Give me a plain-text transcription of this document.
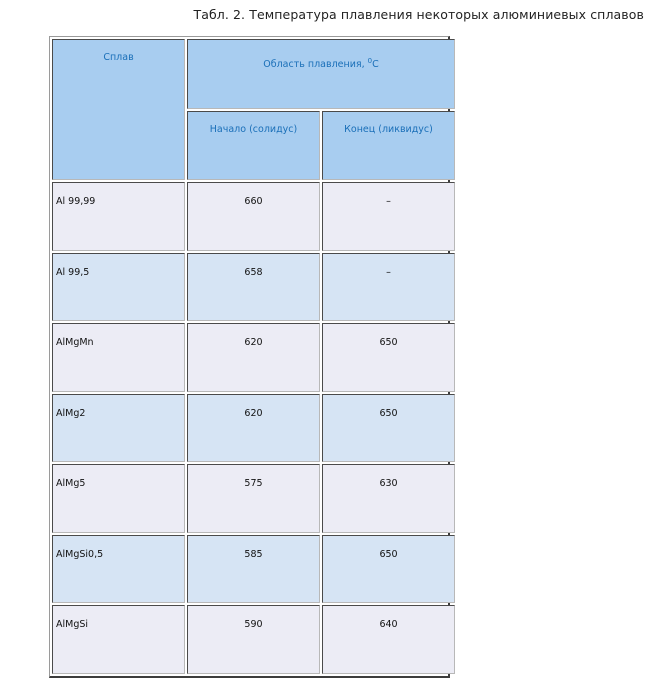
Табл. 2. Температура плавления некоторых алюминиевых сплавов
Сплав	Область плавления, $^0$С	
	Начало (солидус)	Конец (ликвидус)
Al 99,99	660	–
Al 99,5	658	–
AlMgMn	620	650
AlMg2	620	650
AlMg5	575	630
AlMgSi0,5	585	650
AlMgSi	590	640
